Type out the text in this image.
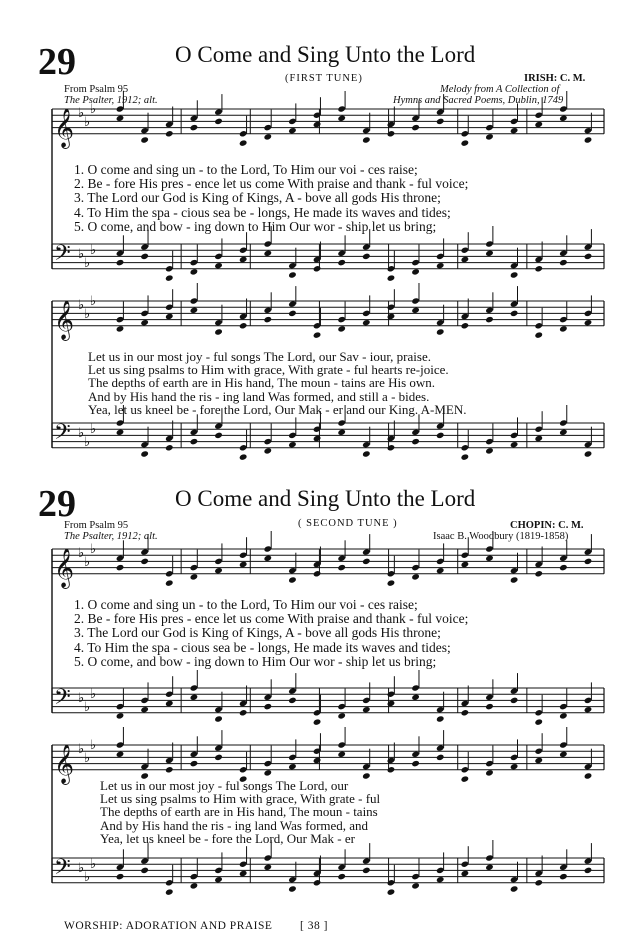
29	O Come and Sing Unto the Lord
(FIRST TUNE)
From Psalm 95
The Psalter, 1912; alt.
IRISH: C. M.
Melody from A Collection of
Hymns and Sacred Poems, Dublin, 1749
𝄞 ♭
♭
♭
𝄢 ♭
♭
♭
𝄞 ♭
♭
♭
𝄢 ♭
♭
♭
𝄞 ♭
♭
♭
𝄢 ♭
♭
♭
𝄞 ♭
♭
♭
𝄢 ♭
♭
♭
1. O come and sing un - to the Lord, To Him our voi - ces raise;
2. Be - fore His pres - ence let us come With praise and thank - ful voice;
3. The Lord our God is King of Kings, A - bove all gods His throne;
4. To Him the spa - cious sea be - longs, He made its waves and tides;
5. O come, and bow - ing down to Him Our wor - ship let us bring;
Let us in our most joy - ful songs The Lord, our Sav - iour, praise.
Let us sing psalms to Him with grace, With grate - ful hearts re-joice.
The depths of earth are in His hand, The moun - tains are His own.
And by His hand the ris - ing land Was formed, and still a - bides.
Yea, let us kneel be - fore the Lord, Our Mak - er and our King. A-MEN.
29	O Come and Sing Unto the Lord
( SECOND TUNE )
From Psalm 95
The Psalter, 1912; alt.
CHOPIN: C. M.
Isaac B. Woodbury (1819-1858)
1. O come and sing un - to the Lord, To Him our voi - ces raise;
2. Be - fore His pres - ence let us come With praise and thank - ful voice;
3. The Lord our God is King of Kings, A - bove all gods His throne;
4. To Him the spa - cious sea be - longs, He made its waves and tides;
5. O come, and bow - ing down to Him Our wor - ship let us bring;
Let us in our most joy - ful songs The Lord, our
Let us sing psalms to Him with grace, With grate - ful
The depths of earth are in His hand, The moun - tains
And by His hand the ris - ing land Was formed, and
Yea, let us kneel be - fore the Lord, Our Mak - er
WORSHIP: ADORATION AND PRAISE [ 38 ]
